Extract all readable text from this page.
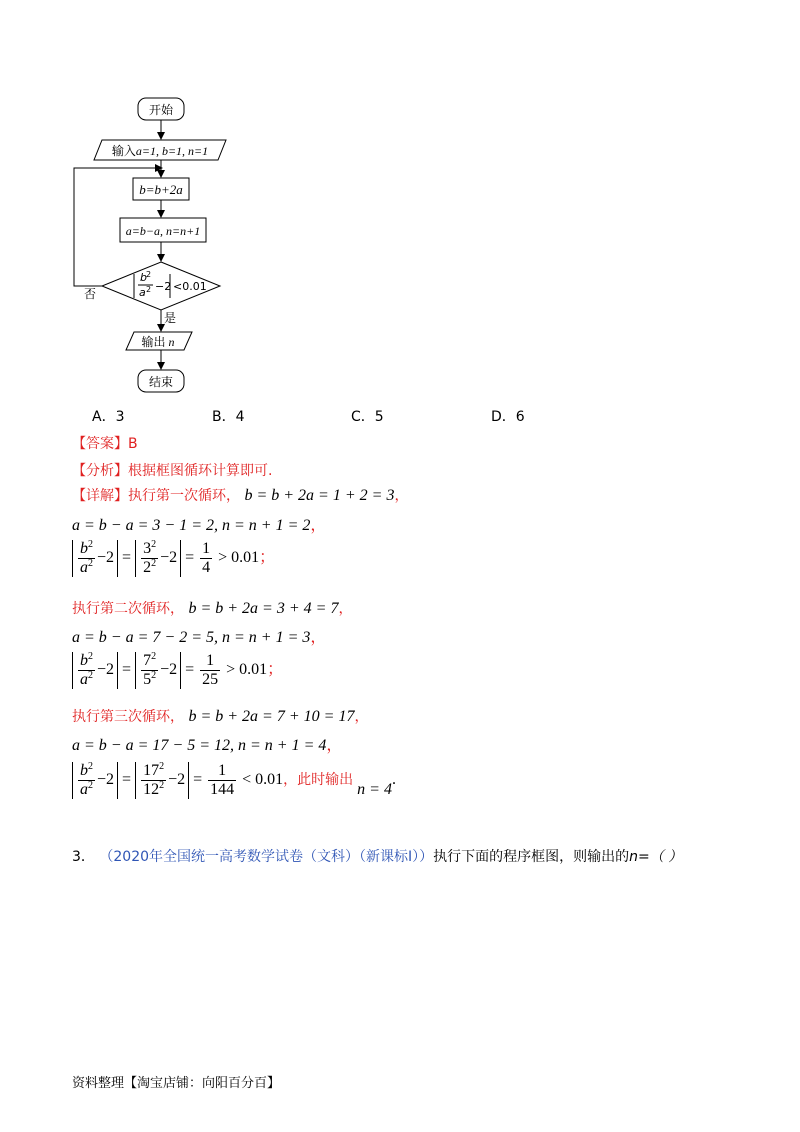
开始
输入a=1, b=1, n=1
b=b+2a
a=b−a, n=n+1
b 2
a 2 −2 <0.01
否
是
输出 n
结束
A．3	B．4	C．5	D．6
【答案】B
【分析】根据框图循环计算即可.
【详解】执行第一次循环， b = b + 2a = 1 + 2 = 3，
a = b − a = 3 − 1 = 2, n = n + 1 = 2，
$\frac{b^2}{a^2} -2 = \frac{3^2}{2^2} -2 = \frac{1}{4} > 0.01$；
执行第二次循环， b = b + 2a = 3 + 4 = 7，
a = b − a = 7 − 2 = 5, n = n + 1 = 3，
$\frac{b^2}{a^2} -2 = \frac{7^2}{5^2} -2 = \frac{1}{25} > 0.01$；
执行第三次循环， b = b + 2a = 7 + 10 = 17，
a = b − a = 17 − 5 = 12, n = n + 1 = 4，
$\frac{b^2}{a^2} -2 = \frac{17^2}{12^2} -2 = \frac{1}{144} < 0.01$，此时输出 n = 4.
3． （2020年全国统一高考数学试卷（文科）（新课标Ⅰ））执行下面的程序框图，则输出的n=（ ）
资料整理【淘宝店铺：向阳百分百】
